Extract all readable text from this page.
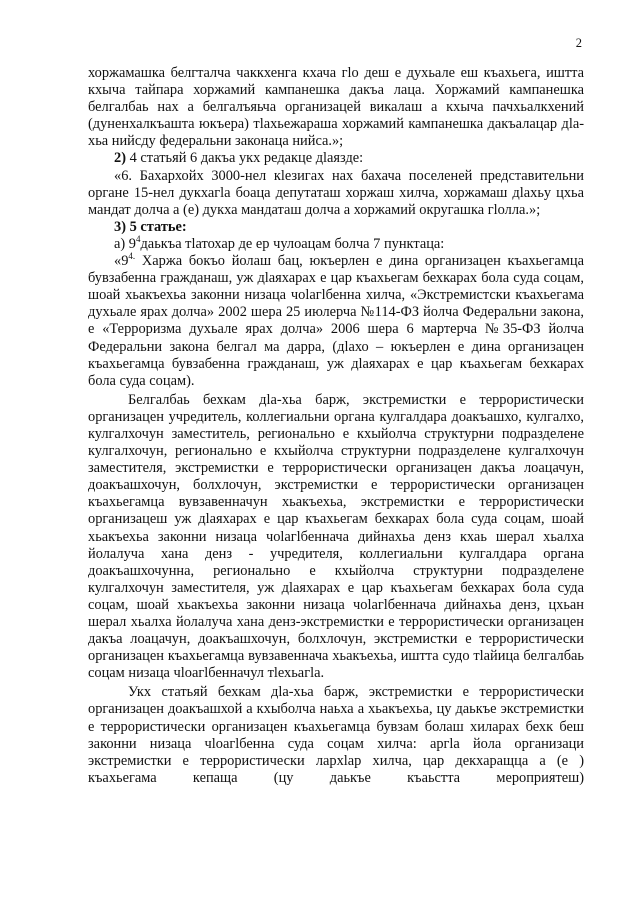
2

хоржамашка белгтaлча чаккхенга кхача гlо деш е духьале еш къахьега, иштта кхыча тайпара хоржамий кампанешка дакъа лаца. Хоржамий кампанешка белгалбаь нах а белгалъяьча организацей викалаш а кхыча пачхьалкхений (дуненхалкъашта юкъера) тlахьежараша хоржамий кампанешка дакъалацар дlа-хьа нийсду федеральни законаца нийса.»;

2) 4 статьяй 6 дакъа укх редакце дlаязде:

«6. Бахархойх 3000-нел кlезигах нах бахача поселеней представительни органе 15-нел дукхагlа боаца депутаташ хоржаш хилча, хоржамаш дlахьу цхьа мандат долча а (е) дукха мандаташ долча а хоржамий округашка гlолла.»;

3) 5 статье:

а) $9^4даькъа$ тlатохар де ер чулоацам болча 7 пунктаца:

«$9^{4.}$ Харжа бокъо йолаш бац, юкъерлен е дина организацен къахьегамца бувзабенна гражданаш, уж дlаяхарах е цар къахьегам бехкарах бола суда соцам, шоай хьакъехьа законни низаца чоlагlбенна хилча, «Экстремистски къахьегама духьале ярах долча» 2002 шера 25 июлерча №114-ФЗ йолча Федеральни закона, е «Терроризма духьале ярах долча» 2006 шера 6 мартерча №35-ФЗ йолча Федеральни закона белгал ма дарра, (дlахо – юкъерлен е дина организацен къахьегамца бувзабенна гражданаш, уж дlаяхарах е цар къахьегам бехкарах бола суда соцам).

Белгалбаь бехкам дlа-хьа барж, экстремистки е террористически организацен учредитель, коллегиальни органа кулгалдара доакъашхо, кулгалхо, кулгалхочун заместитель, регионально е кхыйолча структурни подразделене кулгалхочун, регионально е кхыйолча структурни подразделене кулгалхочун заместителя, экстремистки е террористически организацен дакъа лоацачун, доакъашхочун, болхлочун, экстремистки е террористически организацен къахьегамца вувзавенначун хьакъехьа, экстремистки е террористически организацеш уж дlаяхарах е цар къахьегам бехкарах бола суда соцам, шоай хьакъехьа законни низаца чоlагlбеннача дийнахьа денз кхаь шерал хьалха йолалуча хана денз - учредителя, коллегиальни кулгалдара органа доакъашхочунна, регионально е кхыйолча структурни подразделене кулгалхочун заместителя, уж дlаяхарах е цар къахьегам бехкарах бола суда соцам, шоай хьакъехьа законни низаца чоlагlбеннача дийнахьа денз, цхьан шерал хьалха йолалуча хана денз-экстремистки е террористически организацен дакъа лоацачун, доакъашхочун, болхлочун, экстремистки е террористически организацен къахьегамца вувзавеннача хьакъехьа, иштта судо тlайица белгалбаь соцам низаца чlоагlбенначул тlехьагlа.

Укх статьяй бехкам дlа-хьа барж, экстремистки е террористически организацен доакъашхой а кхыболча наьха а хьакъехьа, цу даькъе экстремистки е террористически организацен къахьегамца бувзам болаш хиларах бехк беш законни низаца чlоагlбенна суда соцам хилча: аргlа йола организаци экстремистки е террористически лархlар хилча, цар декхаращца а (е ) къахьегама кепаща (цу даькъе къаьстта мероприятеш)
